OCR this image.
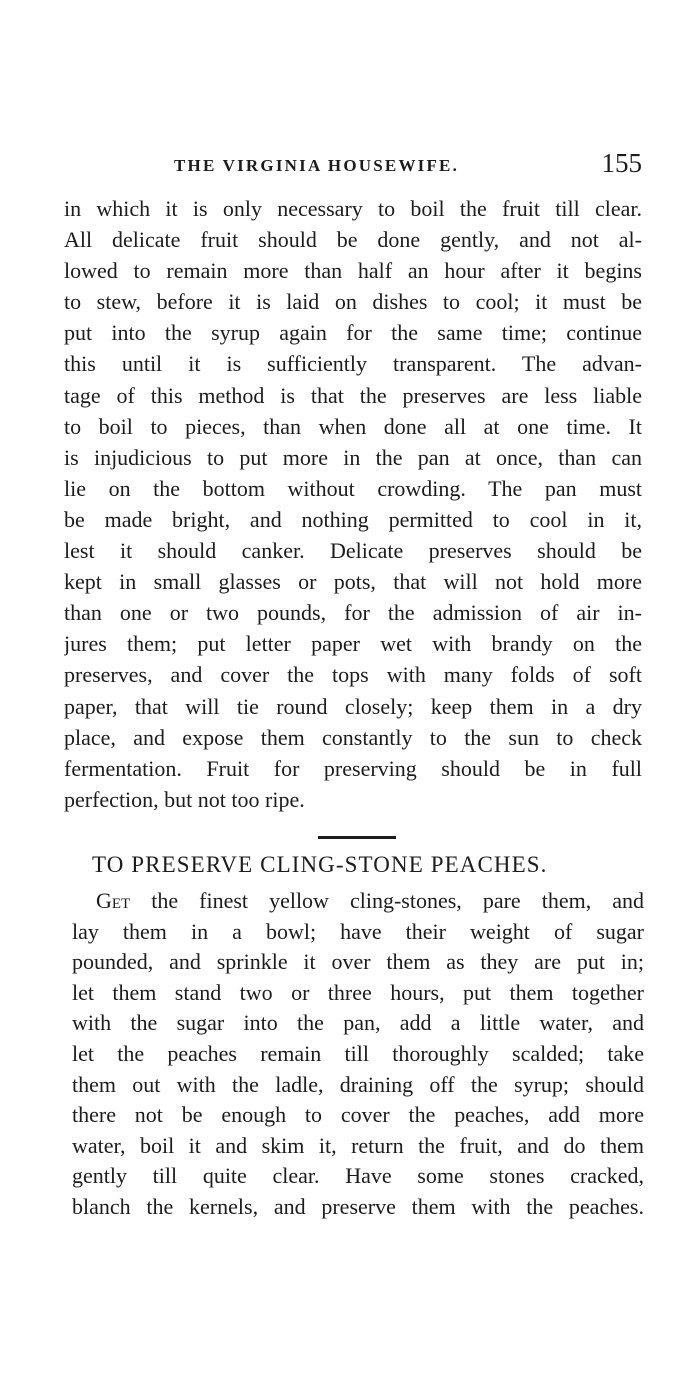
THE VIRGINIA HOUSEWIFE.	155
in which it is only necessary to boil the fruit till clear.
All delicate fruit should be done gently, and not al-
lowed to remain more than half an hour after it begins
to stew, before it is laid on dishes to cool; it must be
put into the syrup again for the same time; continue
this until it is sufficiently transparent. The advan-
tage of this method is that the preserves are less liable
to boil to pieces, than when done all at one time. It
is injudicious to put more in the pan at once, than can
lie on the bottom without crowding. The pan must
be made bright, and nothing permitted to cool in it,
lest it should canker. Delicate preserves should be
kept in small glasses or pots, that will not hold more
than one or two pounds, for the admission of air in-
jures them; put letter paper wet with brandy on the
preserves, and cover the tops with many folds of soft
paper, that will tie round closely; keep them in a dry
place, and expose them constantly to the sun to check
fermentation. Fruit for preserving should be in full
perfection, but not too ripe.
TO PRESERVE CLING-STONE PEACHES.
Get the finest yellow cling-stones, pare them, and
lay them in a bowl; have their weight of sugar
pounded, and sprinkle it over them as they are put in;
let them stand two or three hours, put them together
with the sugar into the pan, add a little water, and
let the peaches remain till thoroughly scalded; take
them out with the ladle, draining off the syrup; should
there not be enough to cover the peaches, add more
water, boil it and skim it, return the fruit, and do them
gently till quite clear. Have some stones cracked,
blanch the kernels, and preserve them with the peaches.
